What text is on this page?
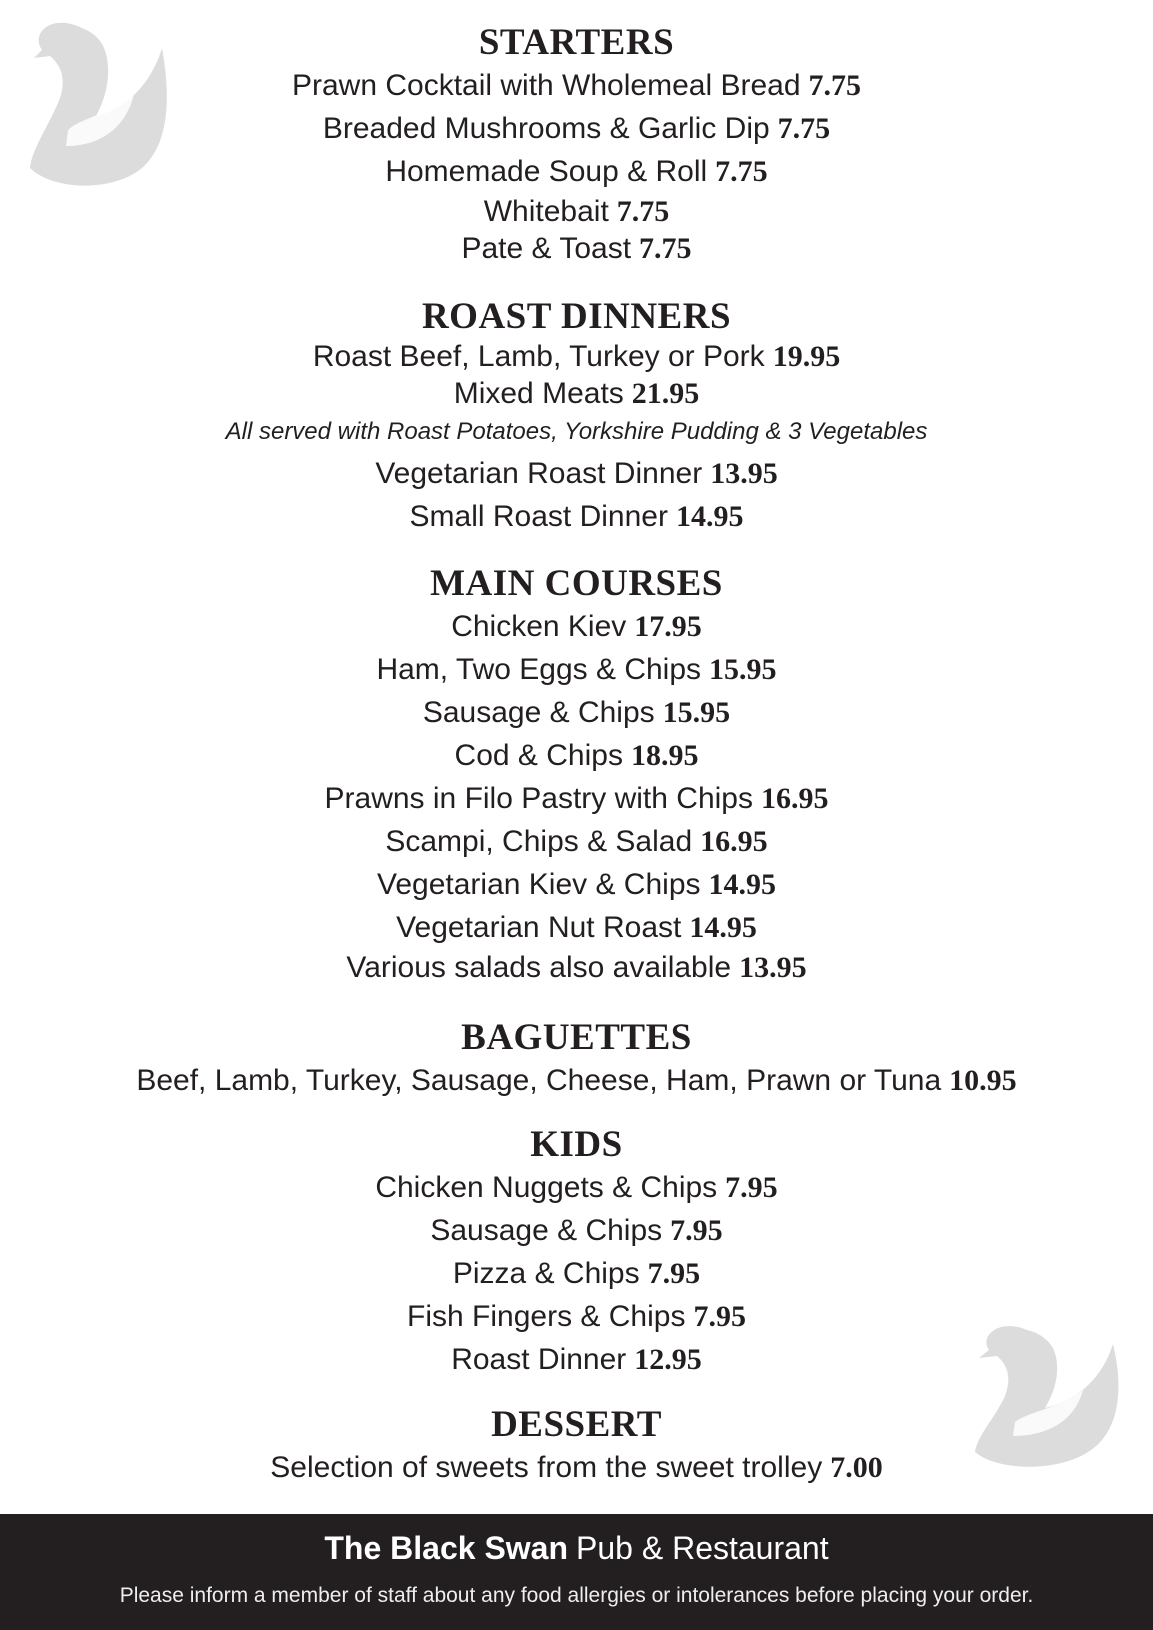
STARTERS
Prawn Cocktail with Wholemeal Bread 7.75
Breaded Mushrooms & Garlic Dip 7.75
Homemade Soup & Roll 7.75
Whitebait 7.75
Pate & Toast 7.75
ROAST DINNERS
Roast Beef, Lamb, Turkey or Pork 19.95
Mixed Meats 21.95
All served with Roast Potatoes, Yorkshire Pudding & 3 Vegetables
Vegetarian Roast Dinner 13.95
Small Roast Dinner 14.95
MAIN COURSES
Chicken Kiev 17.95
Ham, Two Eggs & Chips 15.95
Sausage & Chips 15.95
Cod & Chips 18.95
Prawns in Filo Pastry with Chips 16.95
Scampi, Chips & Salad 16.95
Vegetarian Kiev & Chips 14.95
Vegetarian Nut Roast 14.95
Various salads also available 13.95
BAGUETTES
Beef, Lamb, Turkey, Sausage, Cheese, Ham, Prawn or Tuna 10.95
KIDS
Chicken Nuggets & Chips 7.95
Sausage & Chips 7.95
Pizza & Chips 7.95
Fish Fingers & Chips 7.95
Roast Dinner 12.95
DESSERT
Selection of sweets from the sweet trolley 7.00
The Black Swan Pub & Restaurant
Please inform a member of staff about any food allergies or intolerances before placing your order.
